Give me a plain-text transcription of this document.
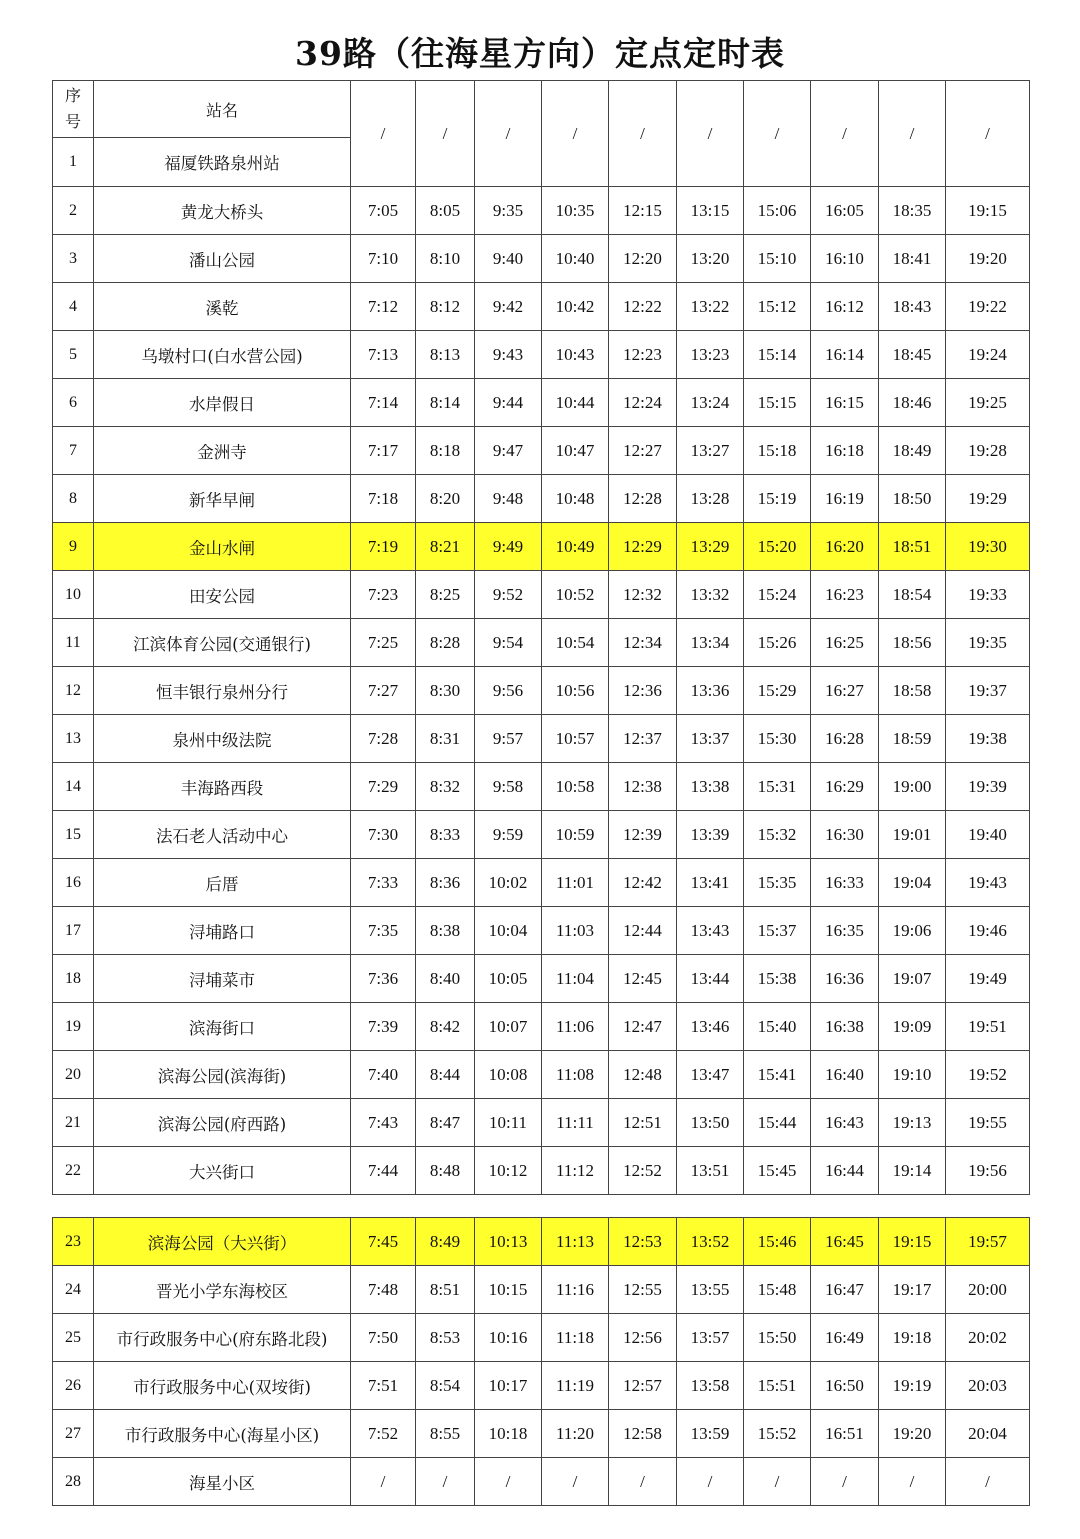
39路（往海星方向）定点定时表
序号	站名	/	/	/	/	/	/	/	/	/	/
1	福厦铁路泉州站										
2	黄龙大桥头	7:05	8:05	9:35	10:35	12:15	13:15	15:06	16:05	18:35	19:15
3	潘山公园	7:10	8:10	9:40	10:40	12:20	13:20	15:10	16:10	18:41	19:20
4	溪乾	7:12	8:12	9:42	10:42	12:22	13:22	15:12	16:12	18:43	19:22
5	乌墩村口(白水营公园)	7:13	8:13	9:43	10:43	12:23	13:23	15:14	16:14	18:45	19:24
6	水岸假日	7:14	8:14	9:44	10:44	12:24	13:24	15:15	16:15	18:46	19:25
7	金洲寺	7:17	8:18	9:47	10:47	12:27	13:27	15:18	16:18	18:49	19:28
8	新华早闸	7:18	8:20	9:48	10:48	12:28	13:28	15:19	16:19	18:50	19:29
9	金山水闸	7:19	8:21	9:49	10:49	12:29	13:29	15:20	16:20	18:51	19:30
10	田安公园	7:23	8:25	9:52	10:52	12:32	13:32	15:24	16:23	18:54	19:33
11	江滨体育公园(交通银行)	7:25	8:28	9:54	10:54	12:34	13:34	15:26	16:25	18:56	19:35
12	恒丰银行泉州分行	7:27	8:30	9:56	10:56	12:36	13:36	15:29	16:27	18:58	19:37
13	泉州中级法院	7:28	8:31	9:57	10:57	12:37	13:37	15:30	16:28	18:59	19:38
14	丰海路西段	7:29	8:32	9:58	10:58	12:38	13:38	15:31	16:29	19:00	19:39
15	法石老人活动中心	7:30	8:33	9:59	10:59	12:39	13:39	15:32	16:30	19:01	19:40
16	后厝	7:33	8:36	10:02	11:01	12:42	13:41	15:35	16:33	19:04	19:43
17	浔埔路口	7:35	8:38	10:04	11:03	12:44	13:43	15:37	16:35	19:06	19:46
18	浔埔菜市	7:36	8:40	10:05	11:04	12:45	13:44	15:38	16:36	19:07	19:49
19	滨海街口	7:39	8:42	10:07	11:06	12:47	13:46	15:40	16:38	19:09	19:51
20	滨海公园(滨海街)	7:40	8:44	10:08	11:08	12:48	13:47	15:41	16:40	19:10	19:52
21	滨海公园(府西路)	7:43	8:47	10:11	11:11	12:51	13:50	15:44	16:43	19:13	19:55
22	大兴街口	7:44	8:48	10:12	11:12	12:52	13:51	15:45	16:44	19:14	19:56
23	滨海公园（大兴街）	7:45	8:49	10:13	11:13	12:53	13:52	15:46	16:45	19:15	19:57
24	晋光小学东海校区	7:48	8:51	10:15	11:16	12:55	13:55	15:48	16:47	19:17	20:00
25	市行政服务中心(府东路北段)	7:50	8:53	10:16	11:18	12:56	13:57	15:50	16:49	19:18	20:02
26	市行政服务中心(双垵街)	7:51	8:54	10:17	11:19	12:57	13:58	15:51	16:50	19:19	20:03
27	市行政服务中心(海星小区)	7:52	8:55	10:18	11:20	12:58	13:59	15:52	16:51	19:20	20:04
28	海星小区	/	/	/	/	/	/	/	/	/	/
